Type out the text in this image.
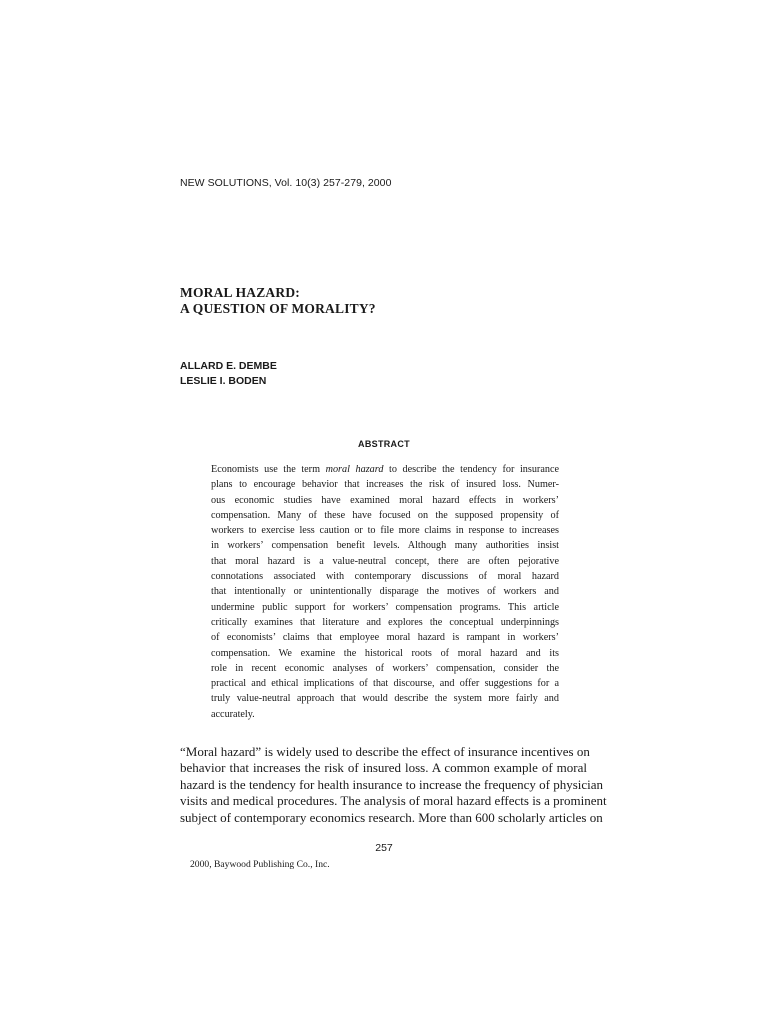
NEW SOLUTIONS, Vol. 10(3) 257-279, 2000
MORAL HAZARD:
A QUESTION OF MORALITY?
ALLARD E. DEMBE
LESLIE I. BODEN
ABSTRACT
Economists use the term moral hazard to describe the tendency for insurance
plans to encourage behavior that increases the risk of insured loss. Numer-
ous economic studies have examined moral hazard effects in workers’
compensation. Many of these have focused on the supposed propensity of
workers to exercise less caution or to file more claims in response to increases
in workers’ compensation benefit levels. Although many authorities insist
that moral hazard is a value-neutral concept, there are often pejorative
connotations associated with contemporary discussions of moral hazard
that intentionally or unintentionally disparage the motives of workers and
undermine public support for workers’ compensation programs. This article
critically examines that literature and explores the conceptual underpinnings
of economists’ claims that employee moral hazard is rampant in workers’
compensation. We examine the historical roots of moral hazard and its
role in recent economic analyses of workers’ compensation, consider the
practical and ethical implications of that discourse, and offer suggestions for a
truly value-neutral approach that would describe the system more fairly and
accurately.
“Moral hazard” is widely used to describe the effect of insurance incentives on
behavior that increases the risk of insured loss. A common example of moral
hazard is the tendency for health insurance to increase the frequency of physician
visits and medical procedures. The analysis of moral hazard effects is a prominent
subject of contemporary economics research. More than 600 scholarly articles on
257
2000, Baywood Publishing Co., Inc.
